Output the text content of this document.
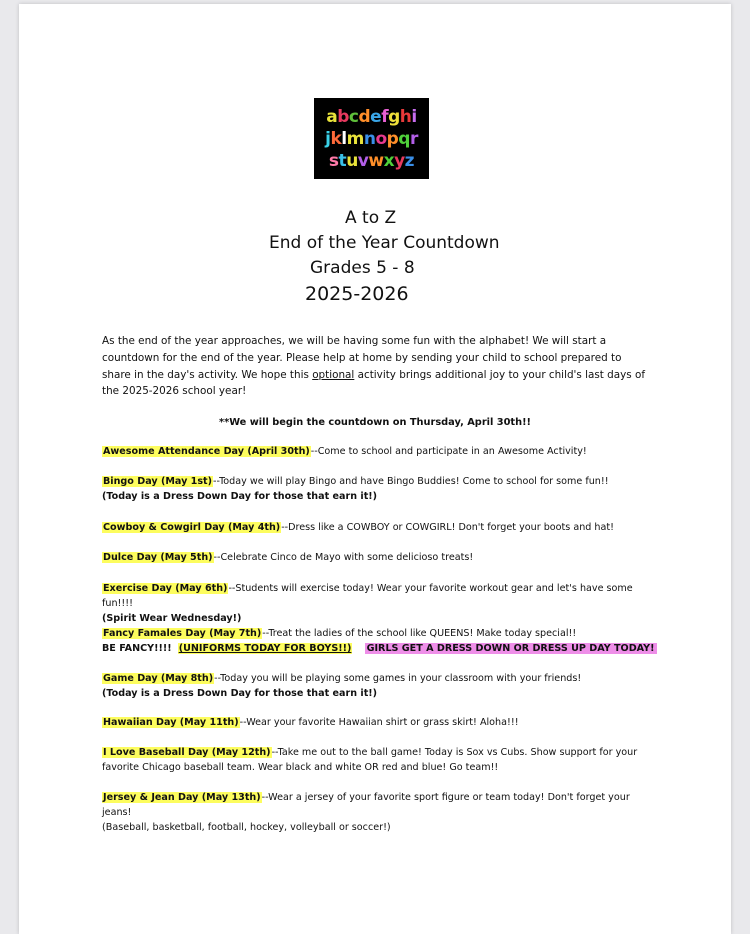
abcdefghi
jklmnopqr
stuvwxyz
A to Z
End of the Year Countdown
Grades 5 - 8
2025-2026
As the end of the year approaches, we will be having some fun with the alphabet! We will start a countdown for the end of the year. Please help at home by sending your child to school prepared to share in the day's activity. We hope this optional activity brings additional joy to your child's last days of the 2025-2026 school year!
**We will begin the countdown on Thursday, April 30th!!
Awesome Attendance Day (April 30th)--Come to school and participate in an Awesome Activity!
Bingo Day (May 1st)--Today we will play Bingo and have Bingo Buddies! Come to school for some fun!!
(Today is a Dress Down Day for those that earn it!)
Cowboy & Cowgirl Day (May 4th)--Dress like a COWBOY or COWGIRL! Don't forget your boots and hat!
Dulce Day (May 5th)--Celebrate Cinco de Mayo with some delicioso treats!
Exercise Day (May 6th)--Students will exercise today! Wear your favorite workout gear and let's have some fun!!!!
(Spirit Wear Wednesday!)
Fancy Famales Day (May 7th)--Treat the ladies of the school like QUEENS! Make today special!!
BE FANCY!!!! (UNIFORMS TODAY FOR BOYS!!) GIRLS GET A DRESS DOWN OR DRESS UP DAY TODAY!
Game Day (May 8th)--Today you will be playing some games in your classroom with your friends!
(Today is a Dress Down Day for those that earn it!)
Hawaiian Day (May 11th)--Wear your favorite Hawaiian shirt or grass skirt! Aloha!!!
I Love Baseball Day (May 12th)--Take me out to the ball game! Today is Sox vs Cubs. Show support for your favorite Chicago baseball team. Wear black and white OR red and blue! Go team!!
Jersey & Jean Day (May 13th)--Wear a jersey of your favorite sport figure or team today! Don't forget your jeans!
(Baseball, basketball, football, hockey, volleyball or soccer!)
